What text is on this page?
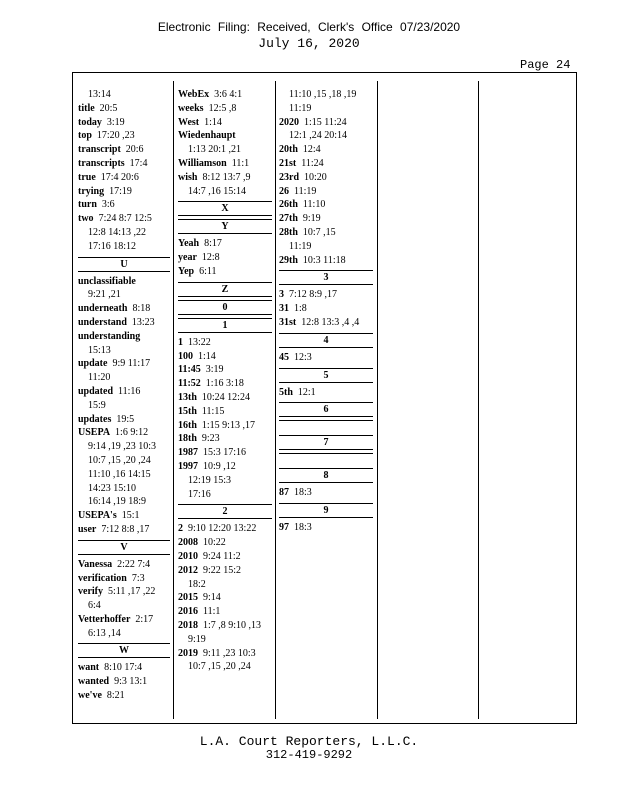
Electronic Filing: Received, Clerk's Office 07/23/2020
July 16, 2020
Page 24
13:14
title 20:5
today 3:19
top 17:20 ,23
transcript 20:6
transcripts 17:4
true 17:4 20:6
trying 17:19
turn 3:6
two 7:24 8:7 12:5
12:8 14:13 ,22
17:16 18:12
U
unclassifiable
9:21 ,21
underneath 8:18
understand 13:23
understanding
15:13
update 9:9 11:17
11:20
updated 11:16
15:9
updates 19:5
USEPA 1:6 9:12
9:14 ,19 ,23 10:3
10:7 ,15 ,20 ,24
11:10 ,16 14:15
14:23 15:10
16:14 ,19 18:9
USEPA's 15:1
user 7:12 8:8 ,17
V
Vanessa 2:22 7:4
verification 7:3
verify 5:11 ,17 ,22
6:4
Vetterhoffer 2:17
6:13 ,14
W
want 8:10 17:4
wanted 9:3 13:1
we've 8:21
WebEx 3:6 4:1
weeks 12:5 ,8
West 1:14
Wiedenhaupt
1:13 20:1 ,21
Williamson 11:1
wish 8:12 13:7 ,9
14:7 ,16 15:14
X
Y
Yeah 8:17
year 12:8
Yep 6:11
Z
0
1
1 13:22
100 1:14
11:45 3:19
11:52 1:16 3:18
13th 10:24 12:24
15th 11:15
16th 1:15 9:13 ,17
18th 9:23
1987 15:3 17:16
1997 10:9 ,12
12:19 15:3
17:16
2
2 9:10 12:20 13:22
2008 10:22
2010 9:24 11:2
2012 9:22 15:2
18:2
2015 9:14
2016 11:1
2018 1:7 ,8 9:10 ,13
9:19
2019 9:11 ,23 10:3
10:7 ,15 ,20 ,24
11:10 ,15 ,18 ,19
11:19
2020 1:15 11:24
12:1 ,24 20:14
20th 12:4
21st 11:24
23rd 10:20
26 11:19
26th 11:10
27th 9:19
28th 10:7 ,15
11:19
29th 10:3 11:18
3
3 7:12 8:9 ,17
31 1:8
31st 12:8 13:3 ,4 ,4
4
45 12:3
5
5th 12:1
6
7
8
87 18:3
9
97 18:3
L.A. Court Reporters, L.L.C.
312-419-9292
